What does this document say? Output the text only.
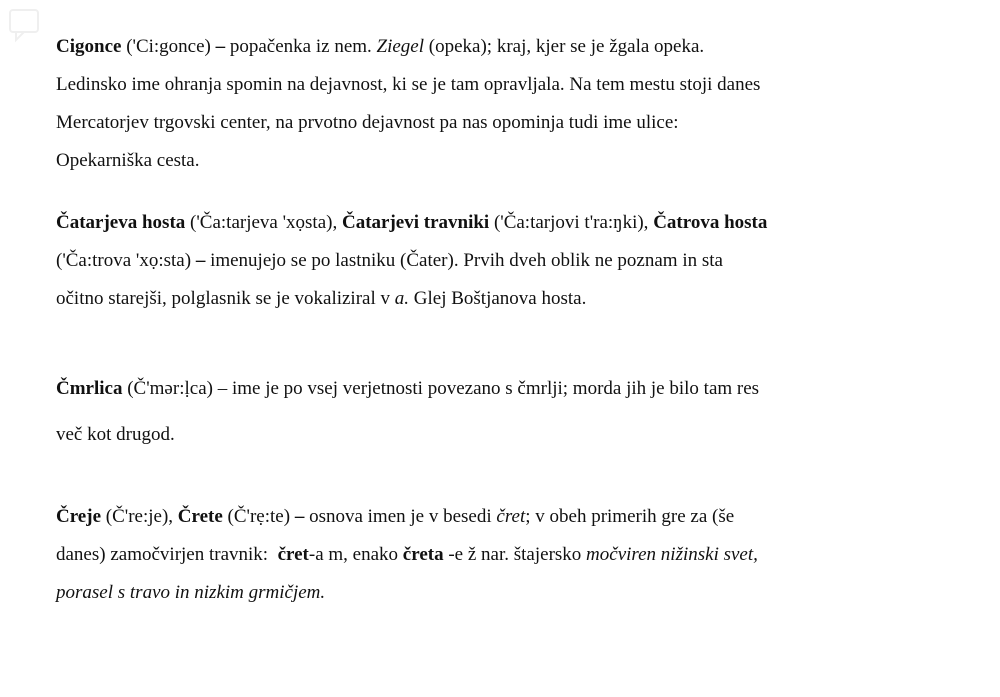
Cigonce ('Ci:gonce) – popačenka iz nem. Ziegel (opeka); kraj, kjer se je žgala opeka.
Ledinsko ime ohranja spomin na dejavnost, ki se je tam opravljala. Na tem mestu stoji danes
Mercatorjev trgovski center, na prvotno dejavnost pa nas opominja tudi ime ulice:
Opekarniška cesta.
Čatarjeva hosta ('Ča:tarjeva 'xọsta), Čatarjevi travniki ('Ča:tarjovi t'ra:ŋki), Čatrova hosta
('Ča:trova 'xọ:sta) – imenujejo se po lastniku (Čater). Prvih dveh oblik ne poznam in sta
očitno starejši, polglasnik se je vokaliziral v a. Glej Boštjanova hosta.
Čmrlica (Č'mər:ḷca) – ime je po vsej verjetnosti povezano s čmrlji; morda jih je bilo tam res
več kot drugod.
Čreje (Č're:je), Črete (Č'rẹ:te) – osnova imen je v besedi čret; v obeh primerih gre za (še
danes) zamočvirjen travnik:  čret-a m, enako čreta -e ž nar. štajersko močviren nižinski svet,
porasel s travo in nizkim grmičjem.
